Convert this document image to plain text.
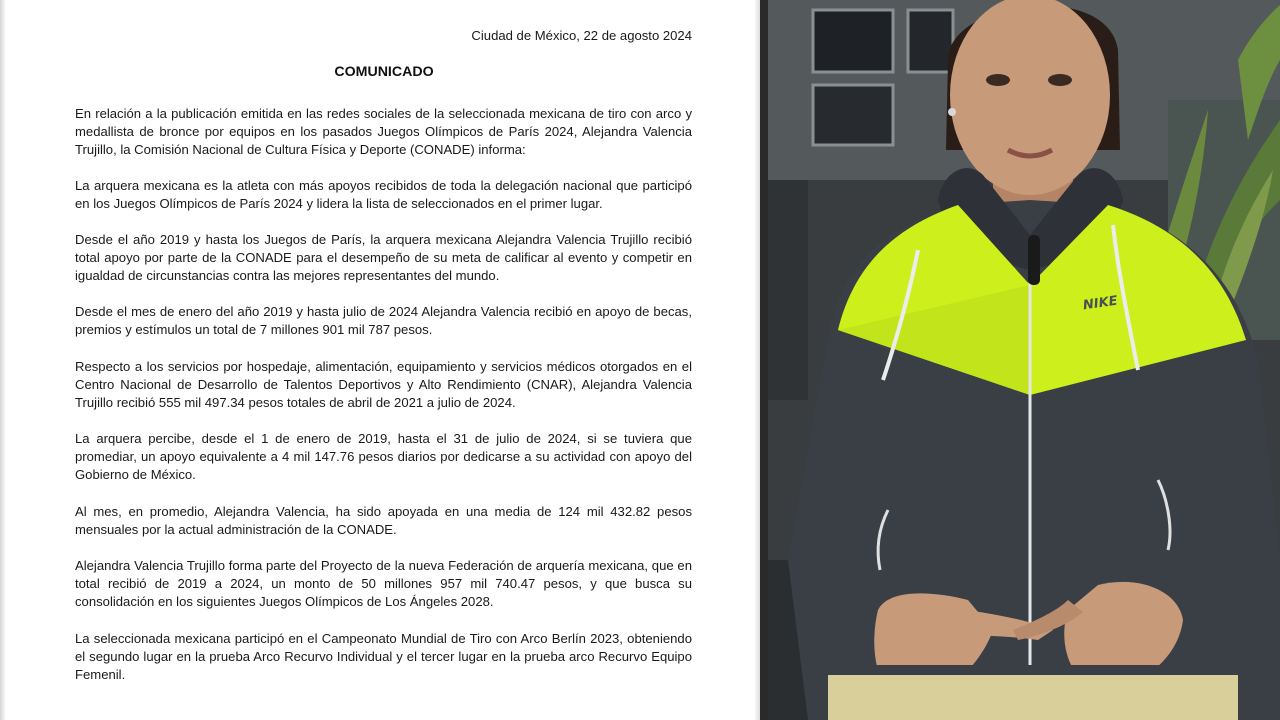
Ciudad de México, 22 de agosto 2024

COMUNICADO

En relación a la publicación emitida en las redes sociales de la seleccionada mexicana de tiro con arco y medallista de bronce por equipos en los pasados Juegos Olímpicos de París 2024, Alejandra Valencia Trujillo, la Comisión Nacional de Cultura Física y Deporte (CONADE) informa:

La arquera mexicana es la atleta con más apoyos recibidos de toda la delegación nacional que participó en los Juegos Olímpicos de París 2024 y lidera la lista de seleccionados en el primer lugar.

Desde el año 2019 y hasta los Juegos de París, la arquera mexicana Alejandra Valencia Trujillo recibió total apoyo por parte de la CONADE para el desempeño de su meta de calificar al evento y competir en igualdad de circunstancias contra las mejores representantes del mundo.

Desde el mes de enero del año 2019 y hasta julio de 2024 Alejandra Valencia recibió en apoyo de becas, premios y estímulos un total de 7 millones 901 mil 787 pesos.

Respecto a los servicios por hospedaje, alimentación, equipamiento y servicios médicos otorgados en el Centro Nacional de Desarrollo de Talentos Deportivos y Alto Rendimiento (CNAR), Alejandra Valencia Trujillo recibió 555 mil 497.34 pesos totales de abril de 2021 a julio de 2024.

La arquera percibe, desde el 1 de enero de 2019, hasta el 31 de julio de 2024, si se tuviera que promediar, un apoyo equivalente a 4 mil 147.76 pesos diarios por dedicarse a su actividad con apoyo del Gobierno de México.

Al mes, en promedio, Alejandra Valencia, ha sido apoyada en una media de 124 mil 432.82 pesos mensuales por la actual administración de la CONADE.

Alejandra Valencia Trujillo forma parte del Proyecto de la nueva Federación de arquería mexicana, que en total recibió de 2019 a 2024, un monto de 50 millones 957 mil 740.47 pesos, y que busca su consolidación en los siguientes Juegos Olímpicos de Los Ángeles 2028.

La seleccionada mexicana participó en el Campeonato Mundial de Tiro con Arco Berlín 2023, obteniendo el segundo lugar en la prueba Arco Recurvo Individual y el tercer lugar en la prueba arco Recurvo Equipo Femenil.

NIKE
